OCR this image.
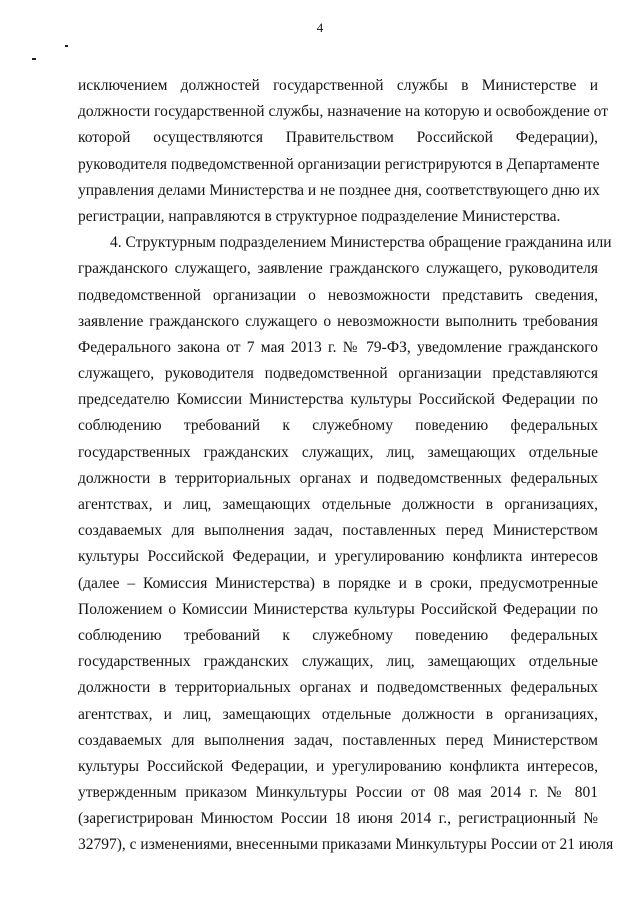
4
исключением должностей государственной службы в Министерстве и
должности государственной службы, назначение на которую и освобождение от
которой осуществляются Правительством Российской Федерации),
руководителя подведомственной организации регистрируются в Департаменте
управления делами Министерства и не позднее дня, соответствующего дню их
регистрации, направляются в структурное подразделение Министерства.
4. Структурным подразделением Министерства обращение гражданина или
гражданского служащего, заявление гражданского служащего, руководителя
подведомственной организации о невозможности представить сведения,
заявление гражданского служащего о невозможности выполнить требования
Федерального закона от 7 мая 2013 г. № 79-ФЗ, уведомление гражданского
служащего, руководителя подведомственной организации представляются
председателю Комиссии Министерства культуры Российской Федерации по
соблюдению требований к служебному поведению федеральных
государственных гражданских служащих, лиц, замещающих отдельные
должности в территориальных органах и подведомственных федеральных
агентствах, и лиц, замещающих отдельные должности в организациях,
создаваемых для выполнения задач, поставленных перед Министерством
культуры Российской Федерации, и урегулированию конфликта интересов
(далее – Комиссия Министерства) в порядке и в сроки, предусмотренные
Положением о Комиссии Министерства культуры Российской Федерации по
соблюдению требований к служебному поведению федеральных
государственных гражданских служащих, лиц, замещающих отдельные
должности в территориальных органах и подведомственных федеральных
агентствах, и лиц, замещающих отдельные должности в организациях,
создаваемых для выполнения задач, поставленных перед Министерством
культуры Российской Федерации, и урегулированию конфликта интересов,
утвержденным приказом Минкультуры России от 08 мая 2014 г. № 801
(зарегистрирован Минюстом России 18 июня 2014 г., регистрационный №
32797), с изменениями, внесенными приказами Минкультуры России от 21 июля
